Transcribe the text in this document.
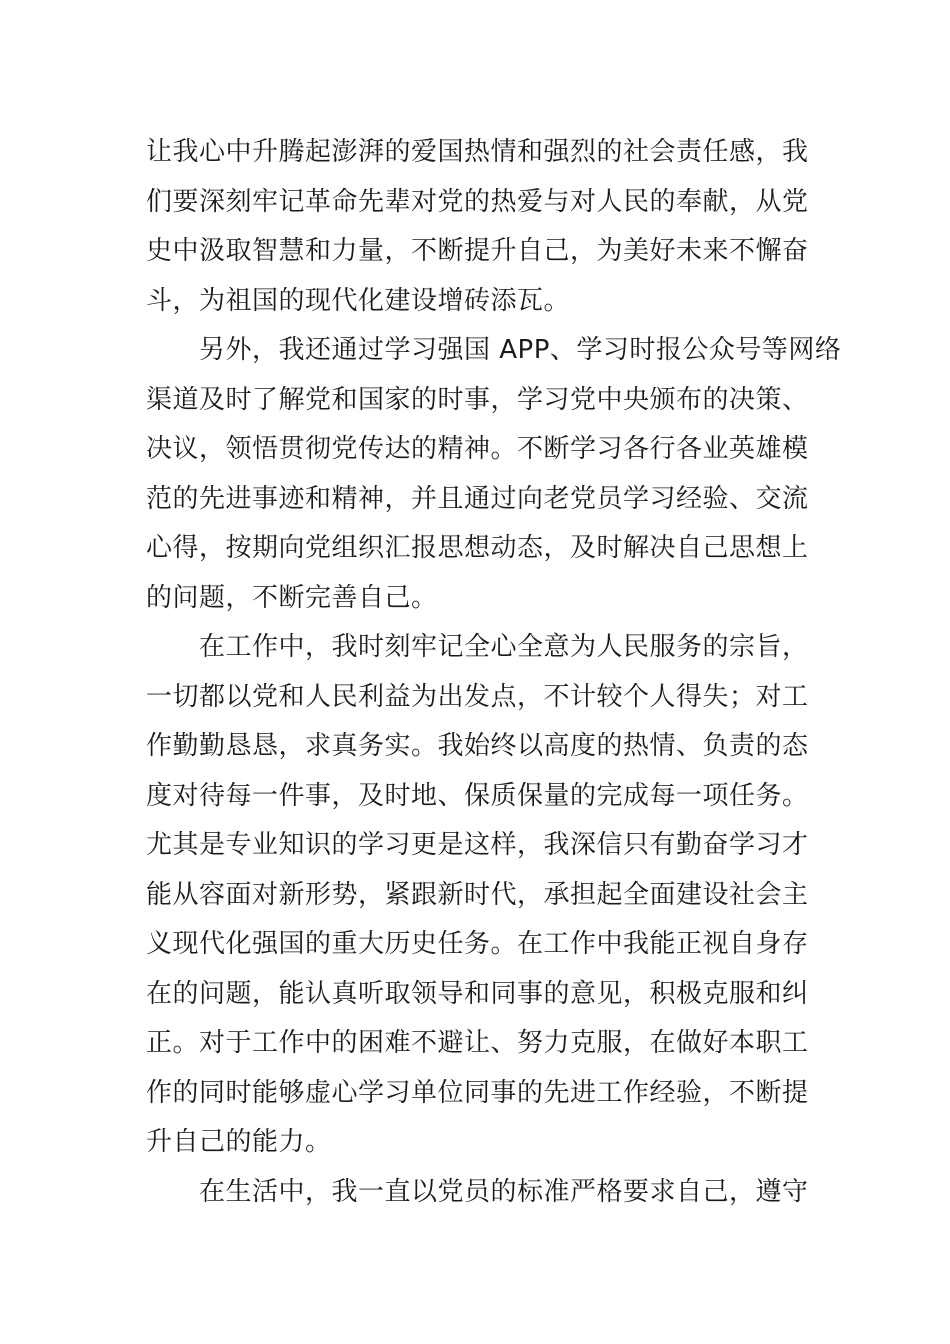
让我心中升腾起澎湃的爱国热情和强烈的社会责任感，我
们要深刻牢记革命先辈对党的热爱与对人民的奉献，从党
史中汲取智慧和力量，不断提升自己，为美好未来不懈奋
斗，为祖国的现代化建设增砖添瓦。
另外，我还通过学习强国 APP、学习时报公众号等网络
渠道及时了解党和国家的时事，学习党中央颁布的决策、
决议，领悟贯彻党传达的精神。不断学习各行各业英雄模
范的先进事迹和精神，并且通过向老党员学习经验、交流
心得，按期向党组织汇报思想动态，及时解决自己思想上
的问题，不断完善自己。
在工作中，我时刻牢记全心全意为人民服务的宗旨，
一切都以党和人民利益为出发点，不计较个人得失；对工
作勤勤恳恳，求真务实。我始终以高度的热情、负责的态
度对待每一件事，及时地、保质保量的完成每一项任务。
尤其是专业知识的学习更是这样，我深信只有勤奋学习才
能从容面对新形势，紧跟新时代，承担起全面建设社会主
义现代化强国的重大历史任务。在工作中我能正视自身存
在的问题，能认真听取领导和同事的意见，积极克服和纠
正。对于工作中的困难不避让、努力克服，在做好本职工
作的同时能够虚心学习单位同事的先进工作经验，不断提
升自己的能力。
在生活中，我一直以党员的标准严格要求自己，遵守
